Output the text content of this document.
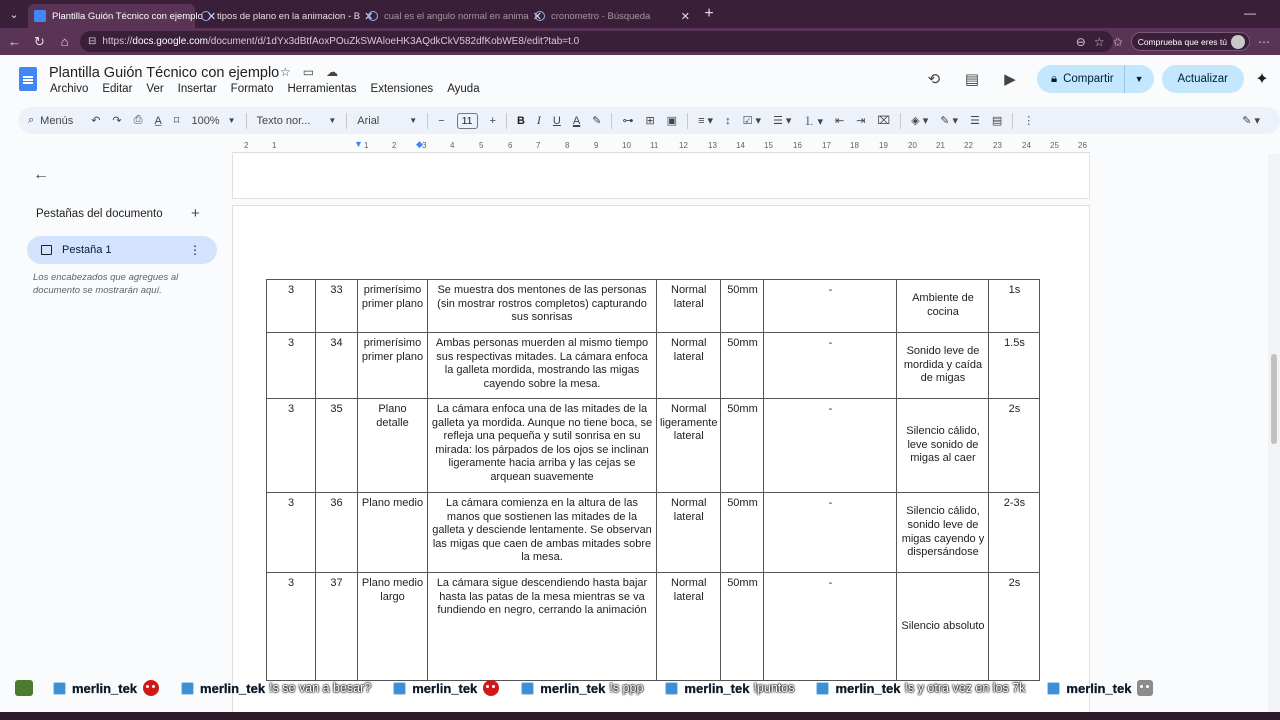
⌄	Plantilla Guión Técnico con ejemplo ✕ tipos de plano en la animacion - B ✕ cual es el angulo normal en anima ✕ cronometro - Búsqueda	✕ +	—
←	↻	⌂	⊟ https:// docs.google.com /document/d/1dYx3dBtfAoxPOuZkSWAloeHK3AQdkCkV582dfKobWE8/edit?tab=t.0	⊖ ☆ ✩ Comprueba que eres tú	⋯
Plantilla Guión Técnico con ejemplo ☆ ▭ ☁
Archivo Editar Ver Insertar Formato Herramientas Extensiones Ayuda
⟲	▤	▶	🔒︎ Compartir	▼	Actualizar	✦
⌕ Menús	↶	↷	⎙	A̲	⌑	100% ▼ Texto nor... ▼ Arial	▼	−	11	+	B	I	U	A	✎	⊶	⊞	▣	≡ ▾	↕	☑ ▾	☰ ▾	⒈ ▾	⇤	⇥	⌧	◈ ▾	✎ ▾	☰	▤	⋮	✎ ▾
▼	◆
2	1	1	2	3	4	5	6	7	8	9	10 11	12	13 14 15	16	17 18	19	20 21 22	23	24 25 26
←
Pestañas del documento +
Pestaña 1	⋮
Los encabezados que agregues al documento se mostrarán aquí.	3	33	primerísimo primer plano	Se muestra dos mentones de las personas (sin mostrar rostros completos) capturando sus sonrisas	Normal lateral	50mm	-	Ambiente de cocina	1s
3	34	primerísimo primer plano	Ambas personas muerden al mismo tiempo sus respectivas mitades. La cámara enfoca la galleta mordida, mostrando las migas cayendo sobre la mesa.	Normal lateral	50mm	-	Sonido leve de mordida y caída de migas	1.5s
3	35	Plano detalle	La cámara enfoca una de las mitades de la galleta ya mordida. Aunque no tiene boca, se refleja una pequeña y sutil sonrisa en su mirada: los párpados de los ojos se inclinan ligeramente hacia arriba y las cejas se arquean suavemente	Normal ligeramente lateral	50mm	-	Silencio cálido, leve sonido de migas al caer	2s
3	36	Plano medio	La cámara comienza en la altura de las manos que sostienen las mitades de la galleta y desciende lentamente. Se observan las migas que caen de ambas mitades sobre la mesa.	Normal lateral	50mm	-	Silencio cálido, sonido leve de migas cayendo y dispersándose	2-3s
3	37	Plano medio largo	La cámara sigue descendiendo hasta bajar hasta las patas de la mesa mientras se va fundiendo en negro, cerrando la animación	Normal lateral	50mm	-	Silencio absoluto	2s
merlin_tek	merlin_tek !s se van a besar?	merlin_tek	merlin_tek !s ppp	merlin_tek !puntos	merlin_tek !s y otra vez en los 7k	merlin_tek
